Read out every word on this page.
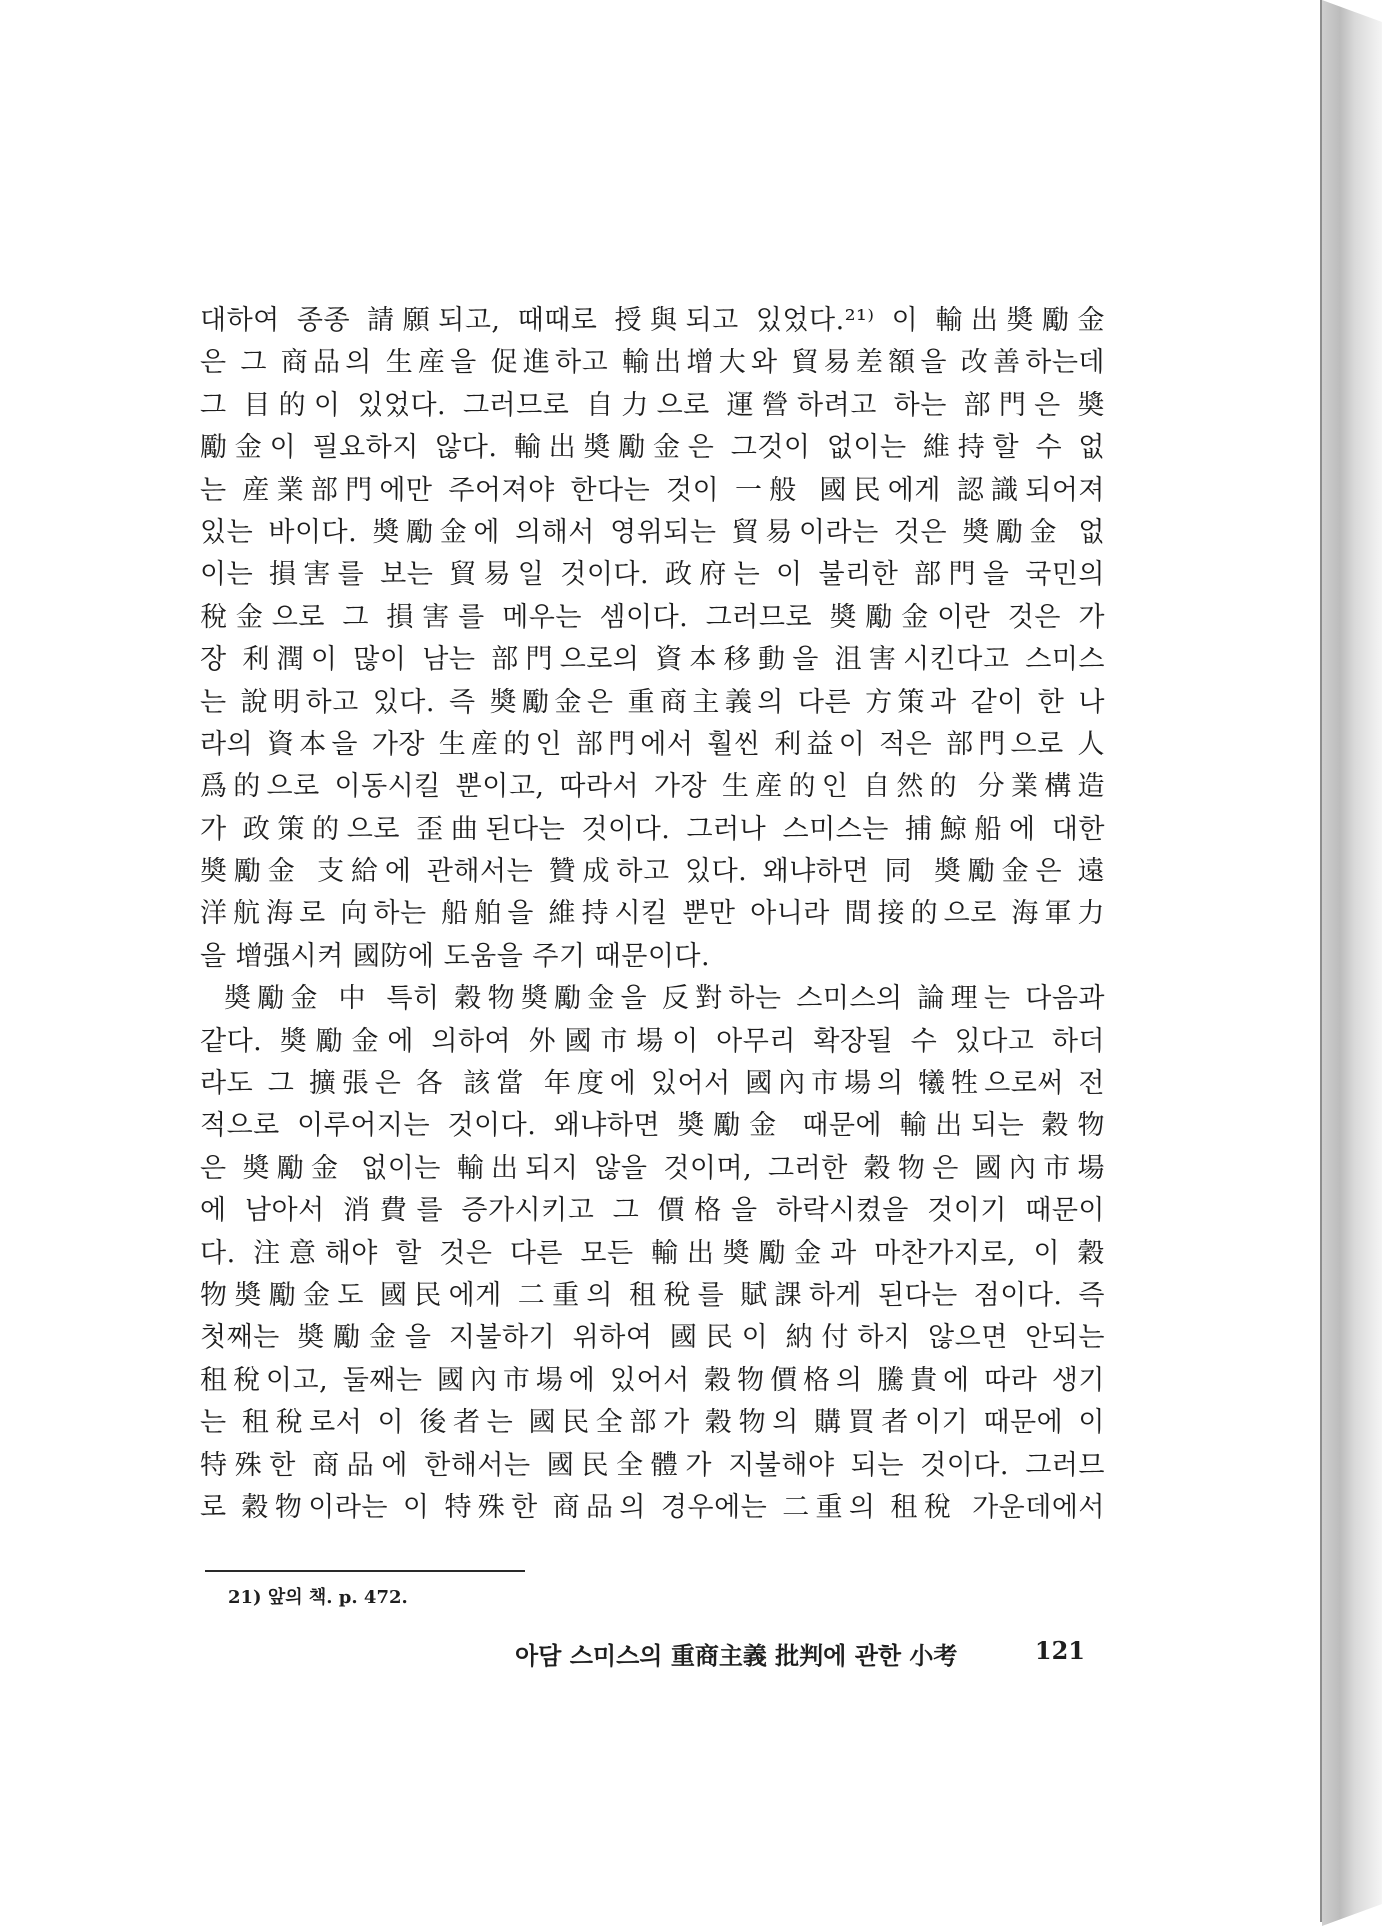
대하여 종종 請願되고, 때때로 授與되고 있었다.²¹⁾ 이 輸出奬勵金
은 그 商品의 生産을 促進하고 輸出增大와 貿易差額을 改善하는데
그 目的이 있었다. 그러므로 自力으로 運營하려고 하는 部門은 奬
勵金이 필요하지 않다. 輸出奬勵金은 그것이 없이는 維持할 수 없
는 産業部門에만 주어져야 한다는 것이 一般 國民에게 認識되어져
있는 바이다. 奬勵金에 의해서 영위되는 貿易이라는 것은 奬勵金 없
이는 損害를 보는 貿易일 것이다. 政府는 이 불리한 部門을 국민의
稅金으로 그 損害를 메우는 셈이다. 그러므로 奬勵金이란 것은 가
장 利潤이 많이 남는 部門으로의 資本移動을 沮害시킨다고 스미스
는 說明하고 있다. 즉 奬勵金은 重商主義의 다른 方策과 같이 한 나
라의 資本을 가장 生産的인 部門에서 훨씬 利益이 적은 部門으로 人
爲的으로 이동시킬 뿐이고, 따라서 가장 生産的인 自然的 分業構造
가 政策的으로 歪曲된다는 것이다. 그러나 스미스는 捕鯨船에 대한
奬勵金 支給에 관해서는 贊成하고 있다. 왜냐하면 同 奬勵金은 遠
洋航海로 向하는 船舶을 維持시킬 뿐만 아니라 間接的으로 海軍力
을 增强시켜 國防에 도움을 주기 때문이다.
奬勵金 中 특히 穀物奬勵金을 反對하는 스미스의 論理는 다음과
같다. 奬勵金에 의하여 外國市場이 아무리 확장될 수 있다고 하더
라도 그 擴張은 各 該當 年度에 있어서 國內市場의 犧牲으로써 전
적으로 이루어지는 것이다. 왜냐하면 奬勵金 때문에 輸出되는 穀物
은 奬勵金 없이는 輸出되지 않을 것이며, 그러한 穀物은 國內市場
에 남아서 消費를 증가시키고 그 價格을 하락시켰을 것이기 때문이
다. 注意해야 할 것은 다른 모든 輸出奬勵金과 마찬가지로, 이 穀
物奬勵金도 國民에게 二重의 租稅를 賦課하게 된다는 점이다. 즉
첫째는 奬勵金을 지불하기 위하여 國民이 納付하지 않으면 안되는
租稅이고, 둘째는 國內市場에 있어서 穀物價格의 騰貴에 따라 생기
는 租稅로서 이 後者는 國民全部가 穀物의 購買者이기 때문에 이
特殊한 商品에 한해서는 國民全體가 지불해야 되는 것이다. 그러므
로 穀物이라는 이 特殊한 商品의 경우에는 二重의 租稅 가운데에서
21) 앞의 책. p. 472.
아담 스미스의 重商主義 批判에 관한 小考	121
